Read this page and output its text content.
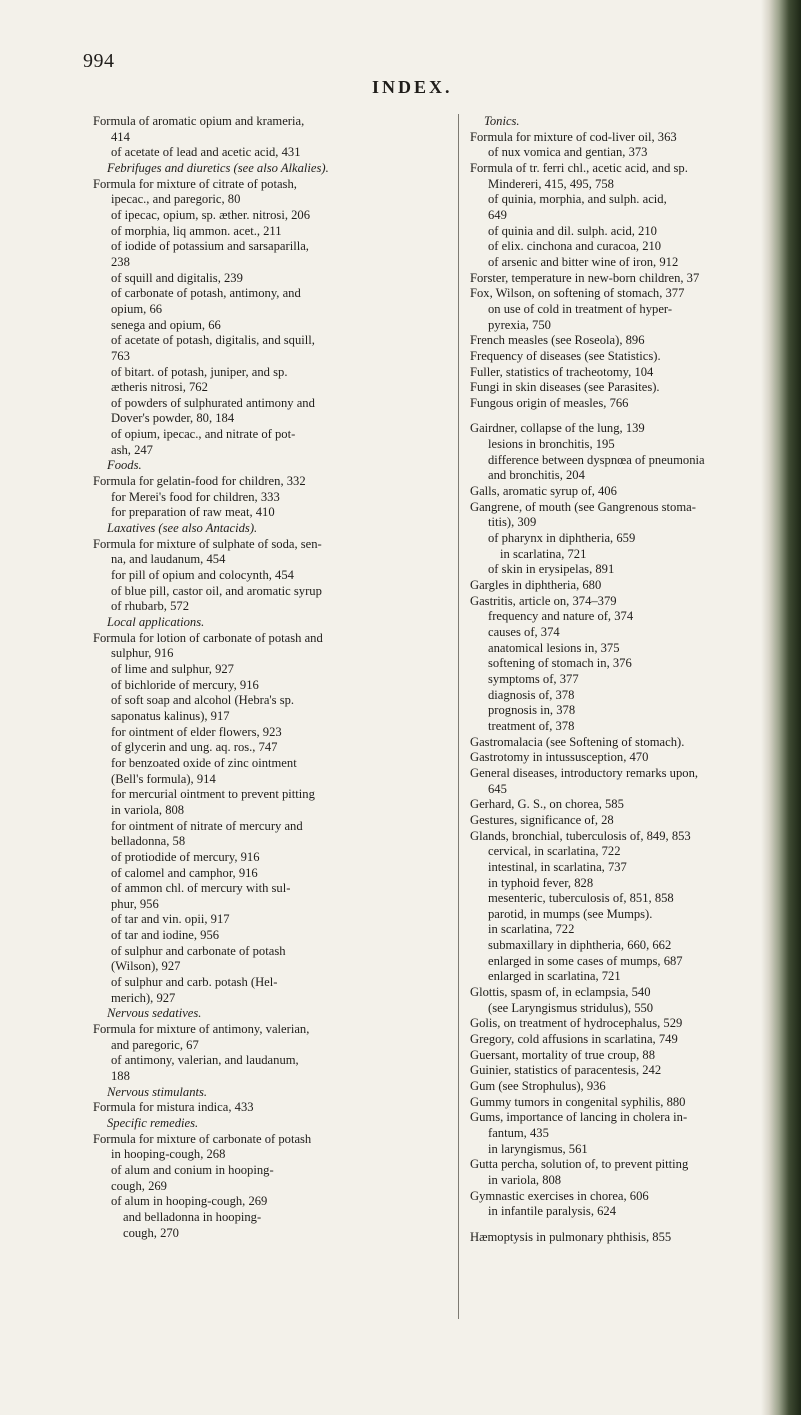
994
INDEX.
Formula of aromatic opium and krameria,
414
of acetate of lead and acetic acid, 431
Febrifuges and diuretics (see also Alkalies).
Formula for mixture of citrate of potash,
ipecac., and paregoric, 80
of ipecac, opium, sp. æther. nitrosi, 206
of morphia, liq ammon. acet., 211
of iodide of potassium and sarsaparilla,
238
of squill and digitalis, 239
of carbonate of potash, antimony, and
opium, 66
senega and opium, 66
of acetate of potash, digitalis, and squill,
763
of bitart. of potash, juniper, and sp.
ætheris nitrosi, 762
of powders of sulphurated antimony and
Dover's powder, 80, 184
of opium, ipecac., and nitrate of pot-
ash, 247
Foods.
Formula for gelatin-food for children, 332
for Merei's food for children, 333
for preparation of raw meat, 410
Laxatives (see also Antacids).
Formula for mixture of sulphate of soda, sen-
na, and laudanum, 454
for pill of opium and colocynth, 454
of blue pill, castor oil, and aromatic syrup
of rhubarb, 572
Local applications.
Formula for lotion of carbonate of potash and
sulphur, 916
of lime and sulphur, 927
of bichloride of mercury, 916
of soft soap and alcohol (Hebra's sp.
saponatus kalinus), 917
for ointment of elder flowers, 923
of glycerin and ung. aq. ros., 747
for benzoated oxide of zinc ointment
(Bell's formula), 914
for mercurial ointment to prevent pitting
in variola, 808
for ointment of nitrate of mercury and
belladonna, 58
of protiodide of mercury, 916
of calomel and camphor, 916
of ammon chl. of mercury with sul-
phur, 956
of tar and vin. opii, 917
of tar and iodine, 956
of sulphur and carbonate of potash
(Wilson), 927
of sulphur and carb. potash (Hel-
merich), 927
Nervous sedatives.
Formula for mixture of antimony, valerian,
and paregoric, 67
of antimony, valerian, and laudanum,
188
Nervous stimulants.
Formula for mistura indica, 433
Specific remedies.
Formula for mixture of carbonate of potash
in hooping-cough, 268
of alum and conium in hooping-
cough, 269
of alum in hooping-cough, 269
and belladonna in hooping-
cough, 270
Tonics.
Formula for mixture of cod-liver oil, 363
of nux vomica and gentian, 373
Formula of tr. ferri chl., acetic acid, and sp.
Mindereri, 415, 495, 758
of quinia, morphia, and sulph. acid,
649
of quinia and dil. sulph. acid, 210
of elix. cinchona and curacoa, 210
of arsenic and bitter wine of iron, 912
Forster, temperature in new-born children, 37
Fox, Wilson, on softening of stomach, 377
on use of cold in treatment of hyper-
pyrexia, 750
French measles (see Roseola), 896
Frequency of diseases (see Statistics).
Fuller, statistics of tracheotomy, 104
Fungi in skin diseases (see Parasites).
Fungous origin of measles, 766
Gairdner, collapse of the lung, 139
lesions in bronchitis, 195
difference between dyspnœa of pneumonia
and bronchitis, 204
Galls, aromatic syrup of, 406
Gangrene, of mouth (see Gangrenous stoma-
titis), 309
of pharynx in diphtheria, 659
in scarlatina, 721
of skin in erysipelas, 891
Gargles in diphtheria, 680
Gastritis, article on, 374–379
frequency and nature of, 374
causes of, 374
anatomical lesions in, 375
softening of stomach in, 376
symptoms of, 377
diagnosis of, 378
prognosis in, 378
treatment of, 378
Gastromalacia (see Softening of stomach).
Gastrotomy in intussusception, 470
General diseases, introductory remarks upon,
645
Gerhard, G. S., on chorea, 585
Gestures, significance of, 28
Glands, bronchial, tuberculosis of, 849, 853
cervical, in scarlatina, 722
intestinal, in scarlatina, 737
in typhoid fever, 828
mesenteric, tuberculosis of, 851, 858
parotid, in mumps (see Mumps).
in scarlatina, 722
submaxillary in diphtheria, 660, 662
enlarged in some cases of mumps, 687
enlarged in scarlatina, 721
Glottis, spasm of, in eclampsia, 540
(see Laryngismus stridulus), 550
Golis, on treatment of hydrocephalus, 529
Gregory, cold affusions in scarlatina, 749
Guersant, mortality of true croup, 88
Guinier, statistics of paracentesis, 242
Gum (see Strophulus), 936
Gummy tumors in congenital syphilis, 880
Gums, importance of lancing in cholera in-
fantum, 435
in laryngismus, 561
Gutta percha, solution of, to prevent pitting
in variola, 808
Gymnastic exercises in chorea, 606
in infantile paralysis, 624
Hæmoptysis in pulmonary phthisis, 855
